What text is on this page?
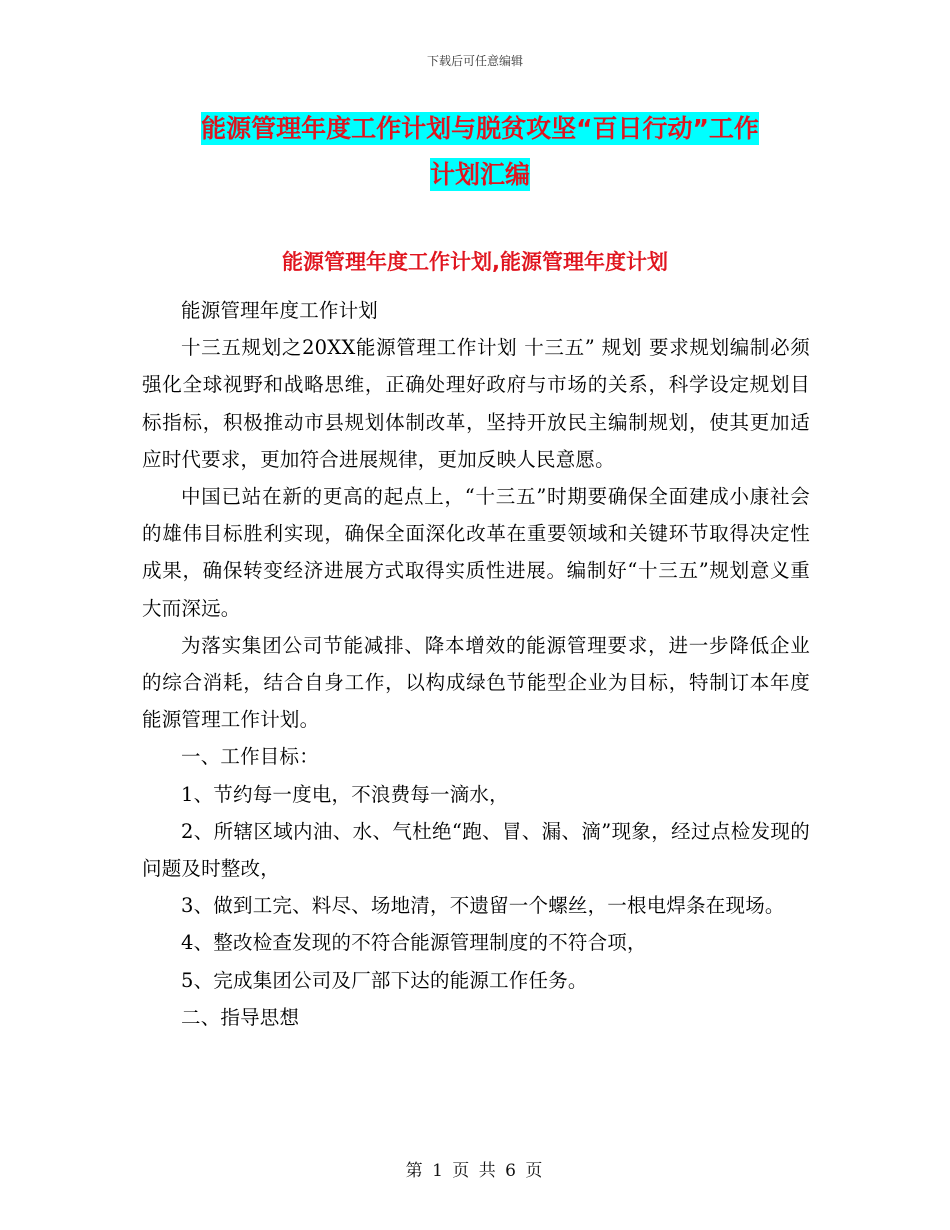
下载后可任意编辑
能源管理年度工作计划与脱贫攻坚“百日行动”工作
计划汇编
能源管理年度工作计划,能源管理年度计划

能源管理年度工作计划

十三五规划之20XX能源管理工作计划 十三五” 规划 要求规划编制必须强化全球视野和战略思维，正确处理好政府与市场的关系，科学设定规划目标指标，积极推动市县规划体制改革，坚持开放民主编制规划，使其更加适应时代要求，更加符合进展规律，更加反映人民意愿。

中国已站在新的更高的起点上，“十三五”时期要确保全面建成小康社会的雄伟目标胜利实现，确保全面深化改革在重要领域和关键环节取得决定性成果，确保转变经济进展方式取得实质性进展。编制好“十三五”规划意义重大而深远。

为落实集团公司节能减排、降本增效的能源管理要求，进一步降低企业的综合消耗，结合自身工作，以构成绿色节能型企业为目标，特制订本年度能源管理工作计划。

一、工作目标：

1、节约每一度电，不浪费每一滴水，

2、所辖区域内油、水、气杜绝“跑、冒、漏、滴”现象，经过点检发现的问题及时整改，

3、做到工完、料尽、场地清，不遗留一个螺丝，一根电焊条在现场。

4、整改检查发现的不符合能源管理制度的不符合项，

5、完成集团公司及厂部下达的能源工作任务。

二、指导思想

第 1 页 共 6 页
